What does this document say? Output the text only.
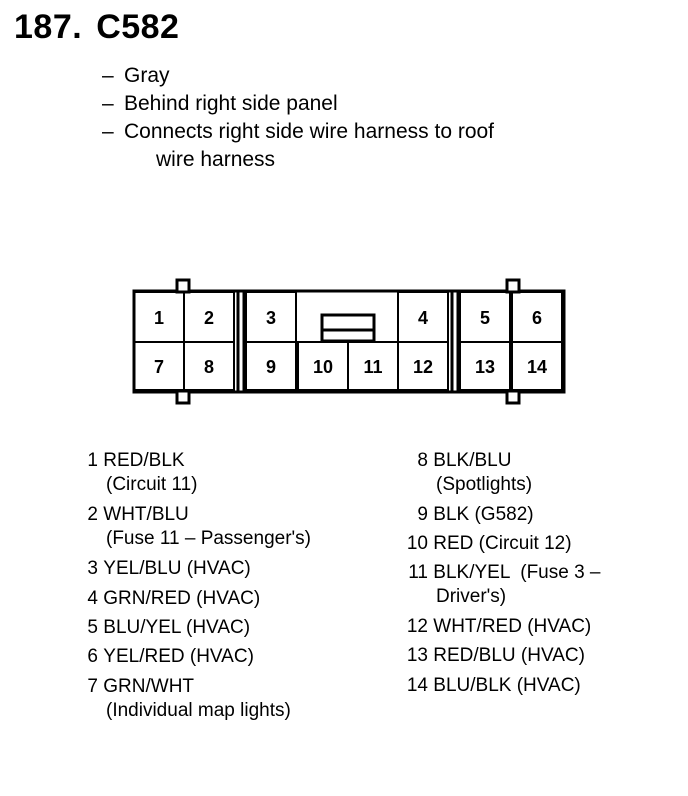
187. C582
– Gray
– Behind right side panel
– Connects right side wire harness to roof
wire harness
1 2	3	4	5 6
7 8	9 10 11 12 13 14
1 RED/BLK
(Circuit 11)
2 WHT/BLU
(Fuse 11 – Passenger's)
3 YEL/BLU (HVAC)
4 GRN/RED (HVAC)
5 BLU/YEL (HVAC)
6 YEL/RED (HVAC)
7 GRN/WHT
(Individual map lights)
8 BLK/BLU
(Spotlights)
9 BLK (G582)
10 RED (Circuit 12)
11 BLK/YEL  (Fuse 3 –
Driver's)
12 WHT/RED (HVAC)
13 RED/BLU (HVAC)
14 BLU/BLK (HVAC)
